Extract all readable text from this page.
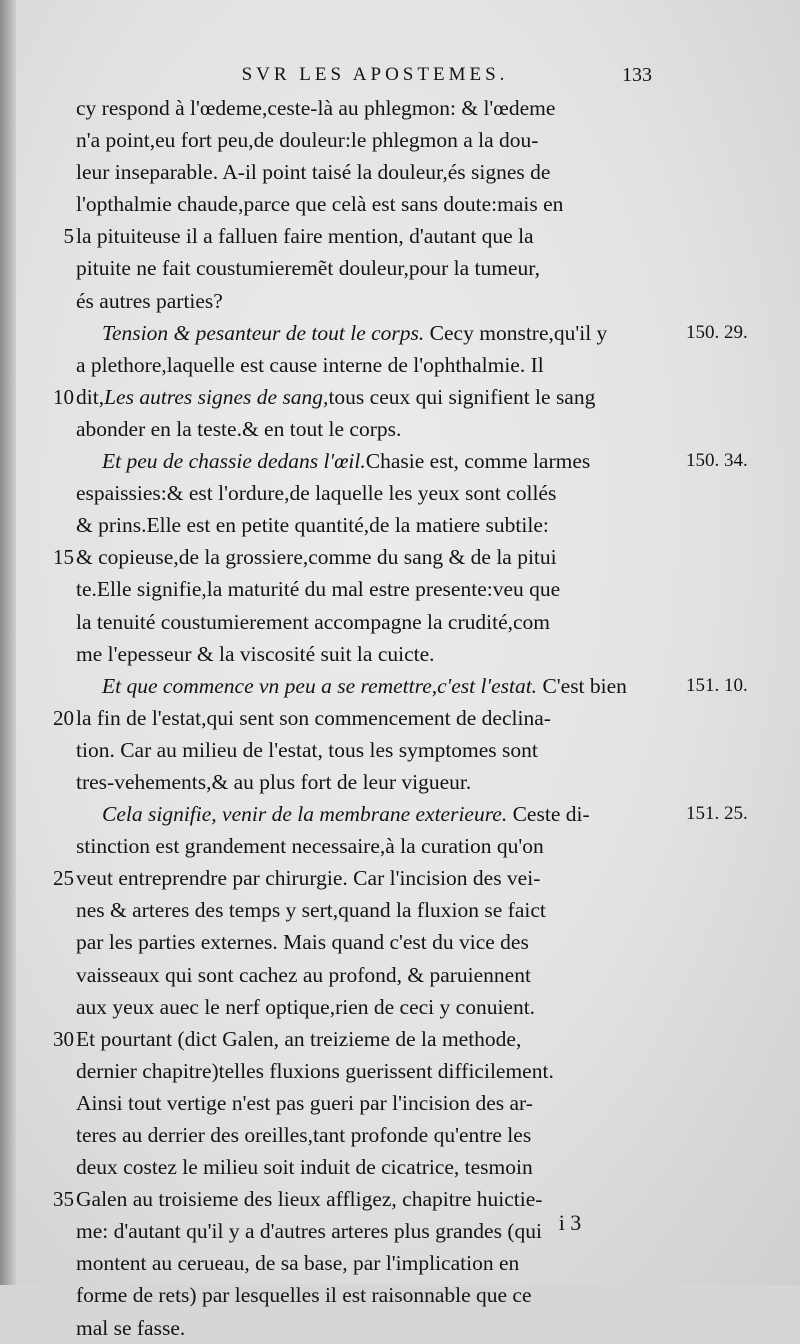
SVR LES APOSTEMES.	133
cy respond à l'œdeme,ceste-là au phlegmon: & l'œdeme
n'a point,eu fort peu,de douleur:le phlegmon a la dou-
leur inseparable. A-il point taisé la douleur,és signes de
l'opthalmie chaude,parce que celà est sans doute:mais en
5 la pituiteuse il a falluen faire mention, d'autant que la
pituite ne fait coustumieremẽt douleur,pour la tumeur,
és autres parties?
Tension & pesanteur de tout le corps. Cecy monstre,qu'il y	150. 29.
a plethore,laquelle est cause interne de l'ophthalmie. Il
10 dit,Les autres signes de sang,tous ceux qui signifient le sang
abonder en la teste.& en tout le corps.
Et peu de chassie dedans l'œil.Chasie est, comme larmes	150. 34.
espaissies:& est l'ordure,de laquelle les yeux sont collés
& prins.Elle est en petite quantité,de la matiere subtile:
15 & copieuse,de la grossiere,comme du sang & de la pitui
te.Elle signifie,la maturité du mal estre presente:veu que
la tenuité coustumierement accompagne la crudité,com
me l'epesseur & la viscosité suit la cuicte.
Et que commence vn peu a se remettre,c'est l'estat. C'est bien	151. 10.
20 la fin de l'estat,qui sent son commencement de declina-
tion. Car au milieu de l'estat, tous les symptomes sont
tres-vehements,& au plus fort de leur vigueur.
Cela signifie, venir de la membrane exterieure. Ceste di-	151. 25.
stinction est grandement necessaire,à la curation qu'on
25 veut entreprendre par chirurgie. Car l'incision des vei-
nes & arteres des temps y sert,quand la fluxion se faict
par les parties externes. Mais quand c'est du vice des
vaisseaux qui sont cachez au profond, & paruiennent
aux yeux auec le nerf optique,rien de ceci y conuient.
30 Et pourtant (dict Galen, an treizieme de la methode,
dernier chapitre)telles fluxions guerissent difficilement.
Ainsi tout vertige n'est pas gueri par l'incision des ar-
teres au derrier des oreilles,tant profonde qu'entre les
deux costez le milieu soit induit de cicatrice, tesmoin
35 Galen au troisieme des lieux affligez, chapitre huictie-
me: d'autant qu'il y a d'autres arteres plus grandes (qui
montent au cerueau, de sa base, par l'implication en
forme de rets) par lesquelles il est raisonnable que ce
mal se fasse.
i 3
